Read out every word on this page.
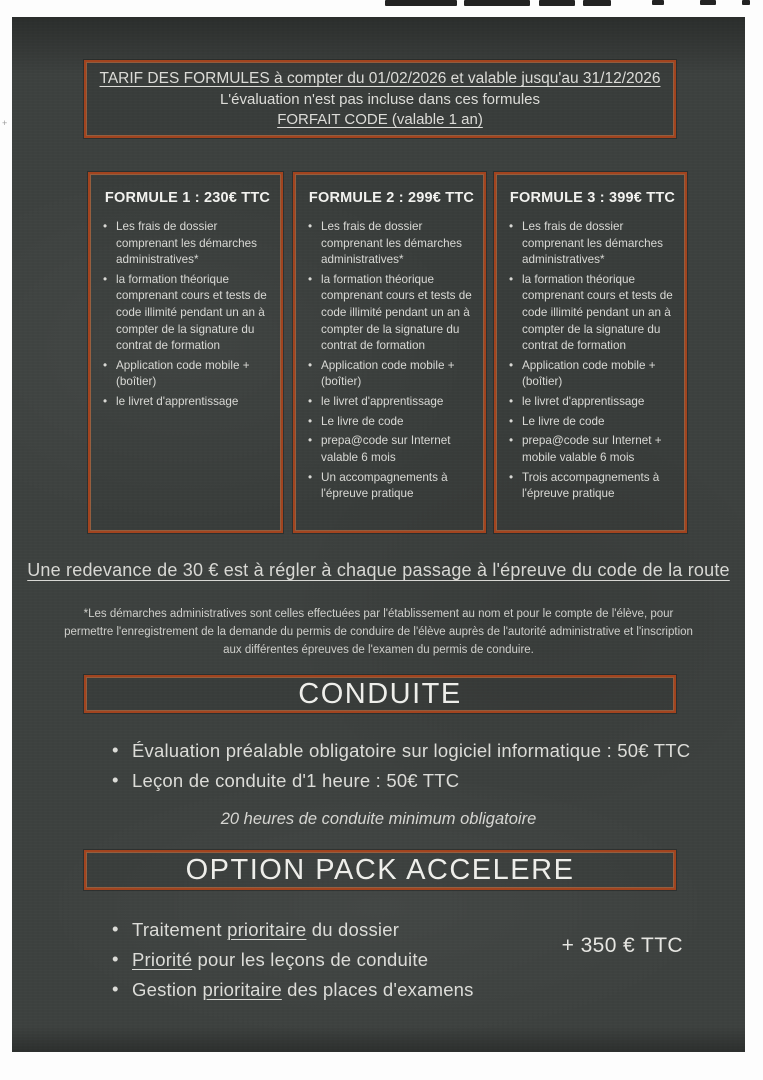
+
TARIF DES FORMULES à compter du 01/02/2026 et valable jusqu'au 31/12/2026
L'évaluation n'est pas incluse dans ces formules
FORFAIT CODE (valable 1 an)
FORMULE 1 : 230€ TTC
• Les frais de dossier comprenant les démarches administratives*
• la formation théorique comprenant cours et tests de code illimité pendant un an à compter de la signature du contrat de formation
• Application code mobile + (boîtier)
• le livret d'apprentissage
FORMULE 2 : 299€ TTC
• Les frais de dossier comprenant les démarches administratives*
• la formation théorique comprenant cours et tests de code illimité pendant un an à compter de la signature du contrat de formation
• Application code mobile + (boîtier)
• le livret d'apprentissage
• Le livre de code
• prepa@code sur Internet valable 6 mois
• Un accompagnements à l'épreuve pratique
FORMULE 3 : 399€ TTC
• Les frais de dossier comprenant les démarches administratives*
• la formation théorique comprenant cours et tests de code illimité pendant un an à compter de la signature du contrat de formation
• Application code mobile + (boîtier)
• le livret d'apprentissage
• Le livre de code
• prepa@code sur Internet + mobile valable 6 mois
• Trois accompagnements à l'épreuve pratique
Une redevance de 30 € est à régler à chaque passage à l'épreuve du code de la route
*Les démarches administratives sont celles effectuées par l'établissement au nom et pour le compte de l'élève, pour permettre l'enregistrement de la demande du permis de conduire de l'élève auprès de l'autorité administrative et l'inscription aux différentes épreuves de l'examen du permis de conduire.
CONDUITE
• Évaluation préalable obligatoire sur logiciel informatique : 50€ TTC
• Leçon de conduite d'1 heure : 50€ TTC
20 heures de conduite minimum obligatoire
OPTION PACK ACCELERE
• Traitement prioritaire du dossier
• Priorité pour les leçons de conduite
• Gestion prioritaire des places d'examens
+ 350 € TTC
